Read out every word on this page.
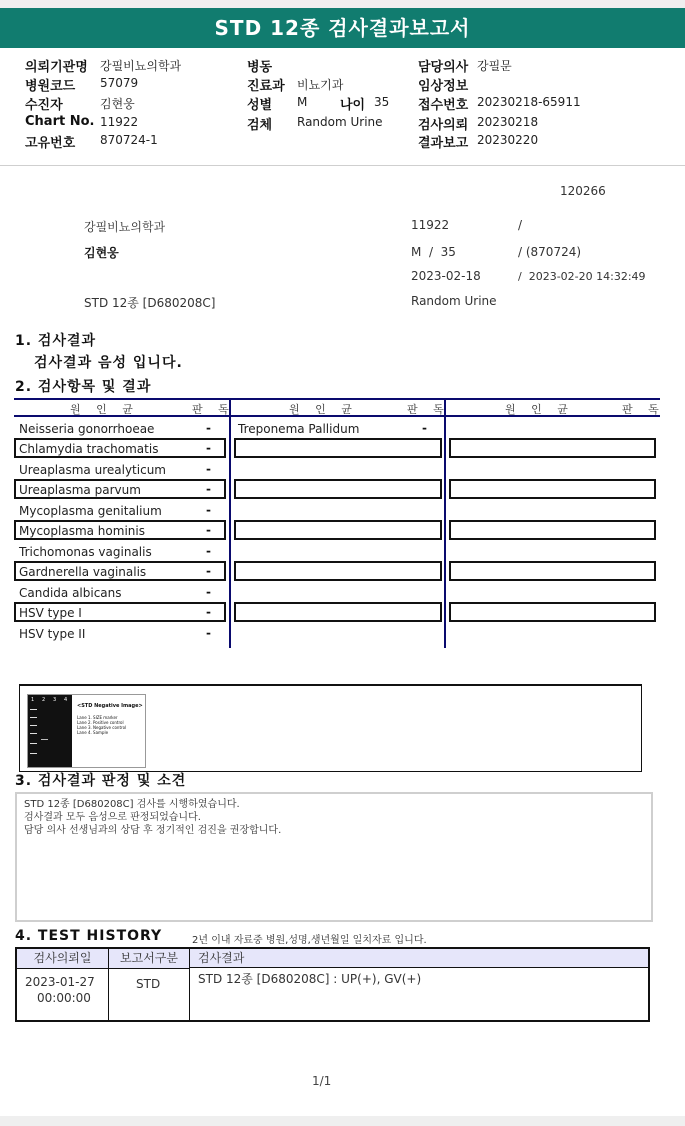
STD 12종 검사결과보고서
의뢰기관명 강필비뇨의학과
병원코드 57079
수진자	김현웅
Chart No. 11922
고유번호 870724-1
병동
진료과 비뇨기과
성별 M	나이 35
검체 Random Urine
담당의사 강필문
임상정보
접수번호 20230218-65911
검사의뢰 20230218
결과보고 20230220
120266
강필비뇨의학과	11922	/
김현웅	M  /  35	/ (870724)
2023-02-18	/  2023-02-20 14:32:49
STD 12종 [D680208C]	Random Urine
1. 검사결과
검사결과 음성 입니다.
2. 검사항목 및 결과
원 인 균	판 독	원 인 균	판 독	원 인 균	판 독
Neisseria gonorrhoeae	-
Chlamydia trachomatis	-
Ureaplasma urealyticum	-
Ureaplasma parvum	-
Mycoplasma genitalium	-
Mycoplasma hominis	-
Trichomonas vaginalis	-
Gardnerella vaginalis	-
Candida albicans	-
HSV type I	-
HSV type II	-
Treponema Pallidum	-
1 2 3 4
<STD Negative Image>
Lane 1. SIZE marker
Lane 2. Positive control
Lane 3. Negative control
Lane 4. Sample
3. 검사결과 판정 및 소견
STD 12종 [D680208C] 검사를 시행하였습니다.
검사결과 모두 음성으로 판정되었습니다.
담당 의사 선생님과의 상담 후 정기적인 검진을 권장합니다.
4. TEST HISTORY	2년 이내 자료중 병원,성명,생년월일 일치자료 입니다.
검사의뢰일	보고서구분	검사결과
2023-01-27
00:00:00
STD	STD 12종 [D680208C] : UP(+), GV(+)
1/1
